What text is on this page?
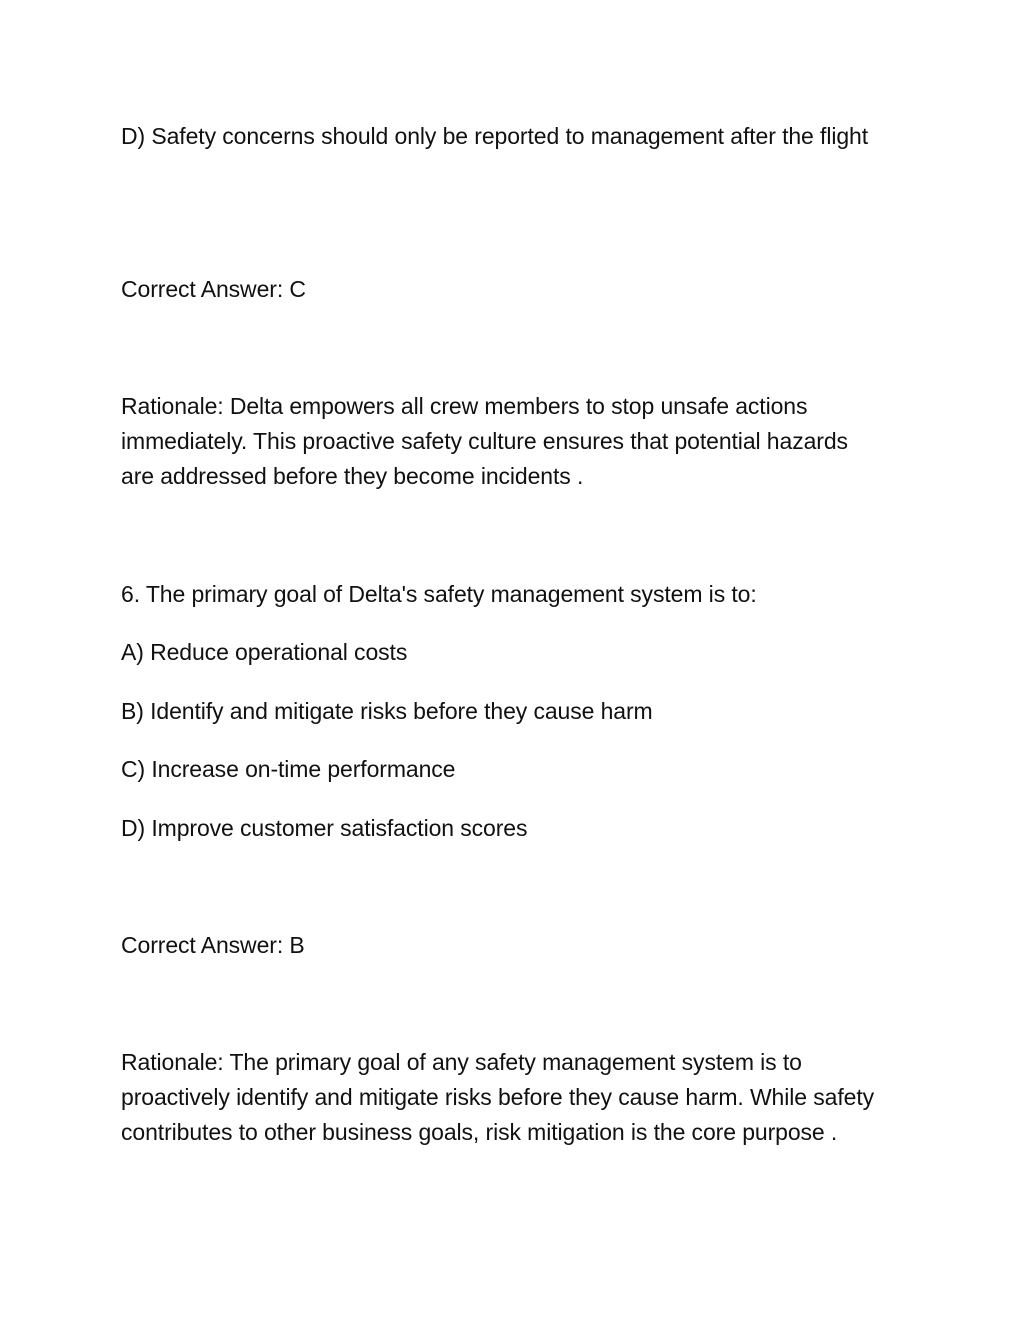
D) Safety concerns should only be reported to management after the flight

Correct Answer: C

Rationale: Delta empowers all crew members to stop unsafe actions immediately. This proactive safety culture ensures that potential hazards are addressed before they become incidents .

6. The primary goal of Delta's safety management system is to:

A) Reduce operational costs

B) Identify and mitigate risks before they cause harm

C) Increase on-time performance

D) Improve customer satisfaction scores

Correct Answer: B

Rationale: The primary goal of any safety management system is to proactively identify and mitigate risks before they cause harm. While safety contributes to other business goals, risk mitigation is the core purpose .
